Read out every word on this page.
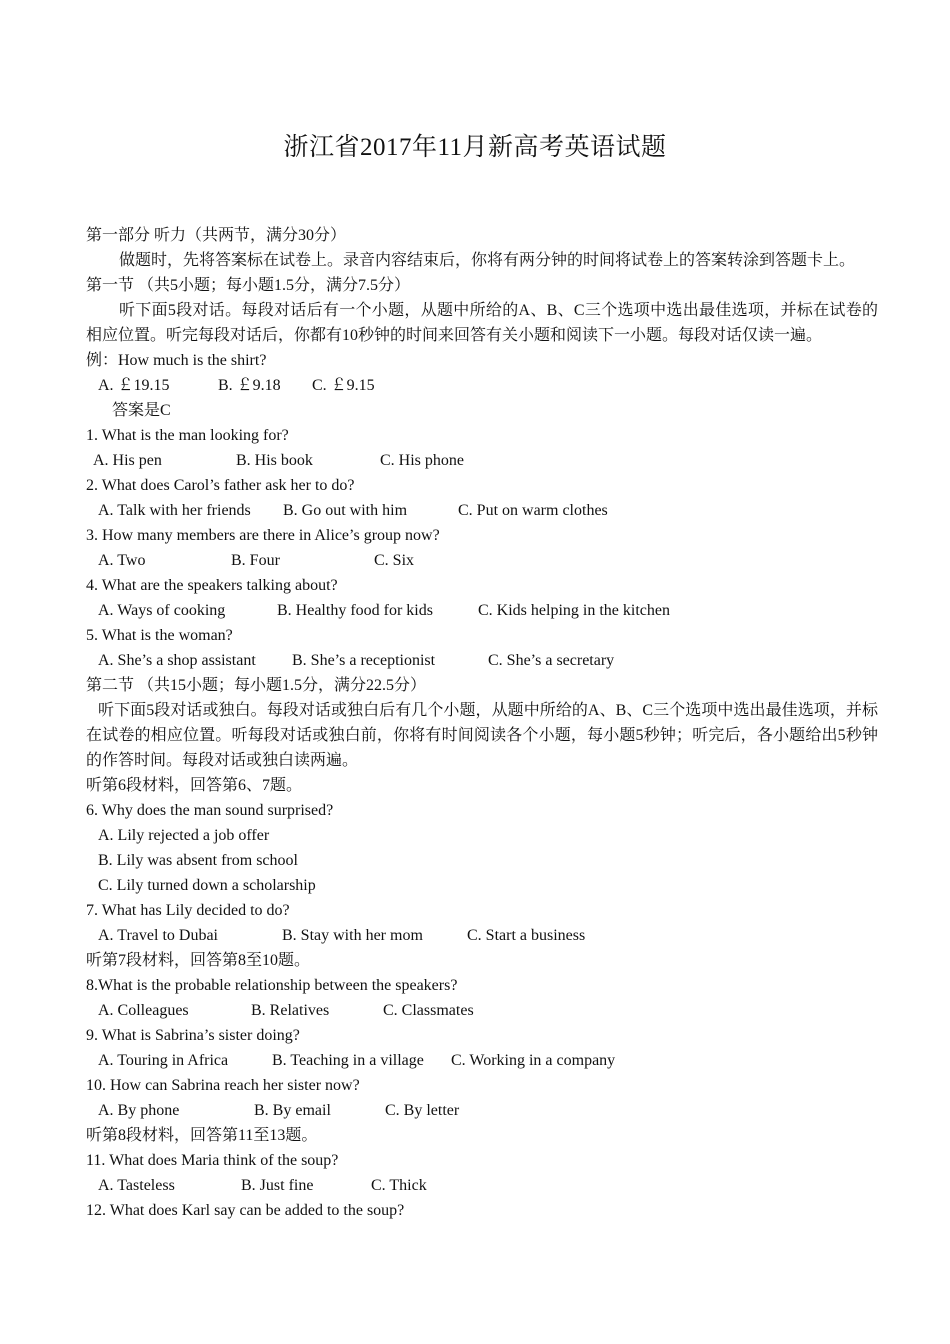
浙江省2017年11月新高考英语试题
第一部分 听力（共两节，满分30分）
做题时，先将答案标在试卷上。录音内容结束后，你将有两分钟的时间将试卷上的答案转涂到答题卡上。
第一节 （共5小题；每小题1.5分，满分7.5分）
听下面5段对话。每段对话后有一个小题，从题中所给的A、B、C三个选项中选出最佳选项，并标在试卷的相应位置。听完每段对话后，你都有10秒钟的时间来回答有关小题和阅读下一小题。每段对话仅读一遍。
例：How much is the shirt?
A. ￡19.15	B. ￡9.18 C. ￡9.15
答案是C
1. What is the man looking for?
A. His pen	B. His book	C. His phone
2. What does Carol’s father ask her to do?
A. Talk with her friends B. Go out with him	C. Put on warm clothes
3. How many members are there in Alice’s group now?
A. Two	B. Four	C. Six
4. What are the speakers talking about?
A. Ways of cooking	B. Healthy food for kids	C. Kids helping in the kitchen
5. What is the woman?
A. She’s a shop assistant B. She’s a receptionist	C. She’s a secretary
第二节 （共15小题；每小题1.5分，满分22.5分）
听下面5段对话或独白。每段对话或独白后有几个小题，从题中所给的A、B、C三个选项中选出最佳选项，并标在试卷的相应位置。听每段对话或独白前，你将有时间阅读各个小题，每小题5秒钟；听完后，各小题给出5秒钟的作答时间。每段对话或独白读两遍。
听第6段材料，回答第6、7题。
6. Why does the man sound surprised?
A. Lily rejected a job offer
B. Lily was absent from school
C. Lily turned down a scholarship
7. What has Lily decided to do?
A. Travel to Dubai	B. Stay with her mom	C. Start a business
听第7段材料，回答第8至10题。
8.What is the probable relationship between the speakers?
A. Colleagues	B. Relatives	C. Classmates
9. What is Sabrina’s sister doing?
A. Touring in Africa	B. Teaching in a village C. Working in a company
10. How can Sabrina reach her sister now?
A. By phone	B. By email	C. By letter
听第8段材料，回答第11至13题。
11. What does Maria think of the soup?
A. Tasteless	B. Just fine	C. Thick
12. What does Karl say can be added to the soup?
